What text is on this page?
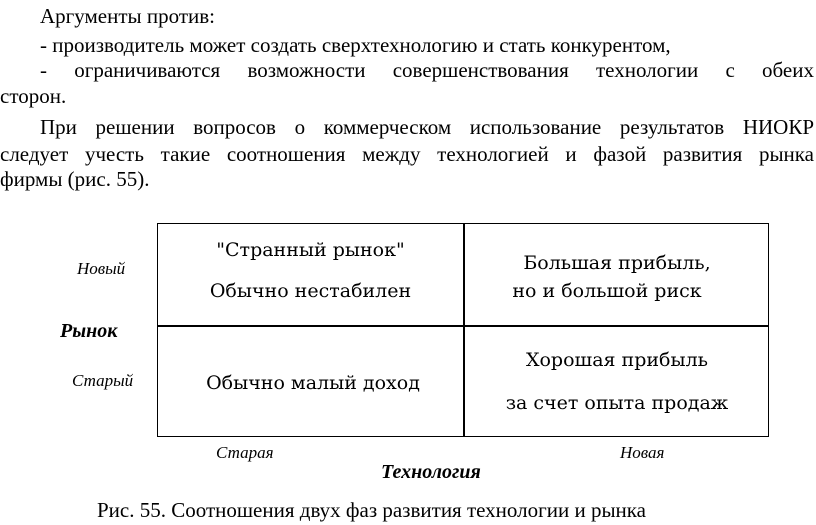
Аргументы против:
- производитель может создать сверхтехнологию и стать конкурентом,
- ограничиваются возможности совершенствования технологии с обеих
сторон.
При решении вопросов о коммерческом использование результатов НИОКР
следует учесть такие соотношения между технологией и фазой развития рынка
фирмы (рис. 55).
"Странный рынок"
Обычно нестабилен
Большая прибыль,
но и большой риск
Обычно малый доход
Хорошая прибыль
за счет опыта продаж
Новый
Рынок
Старый
Старая	Новая
Технология
Рис. 55. Соотношения двух фаз развития технологии и рынка
